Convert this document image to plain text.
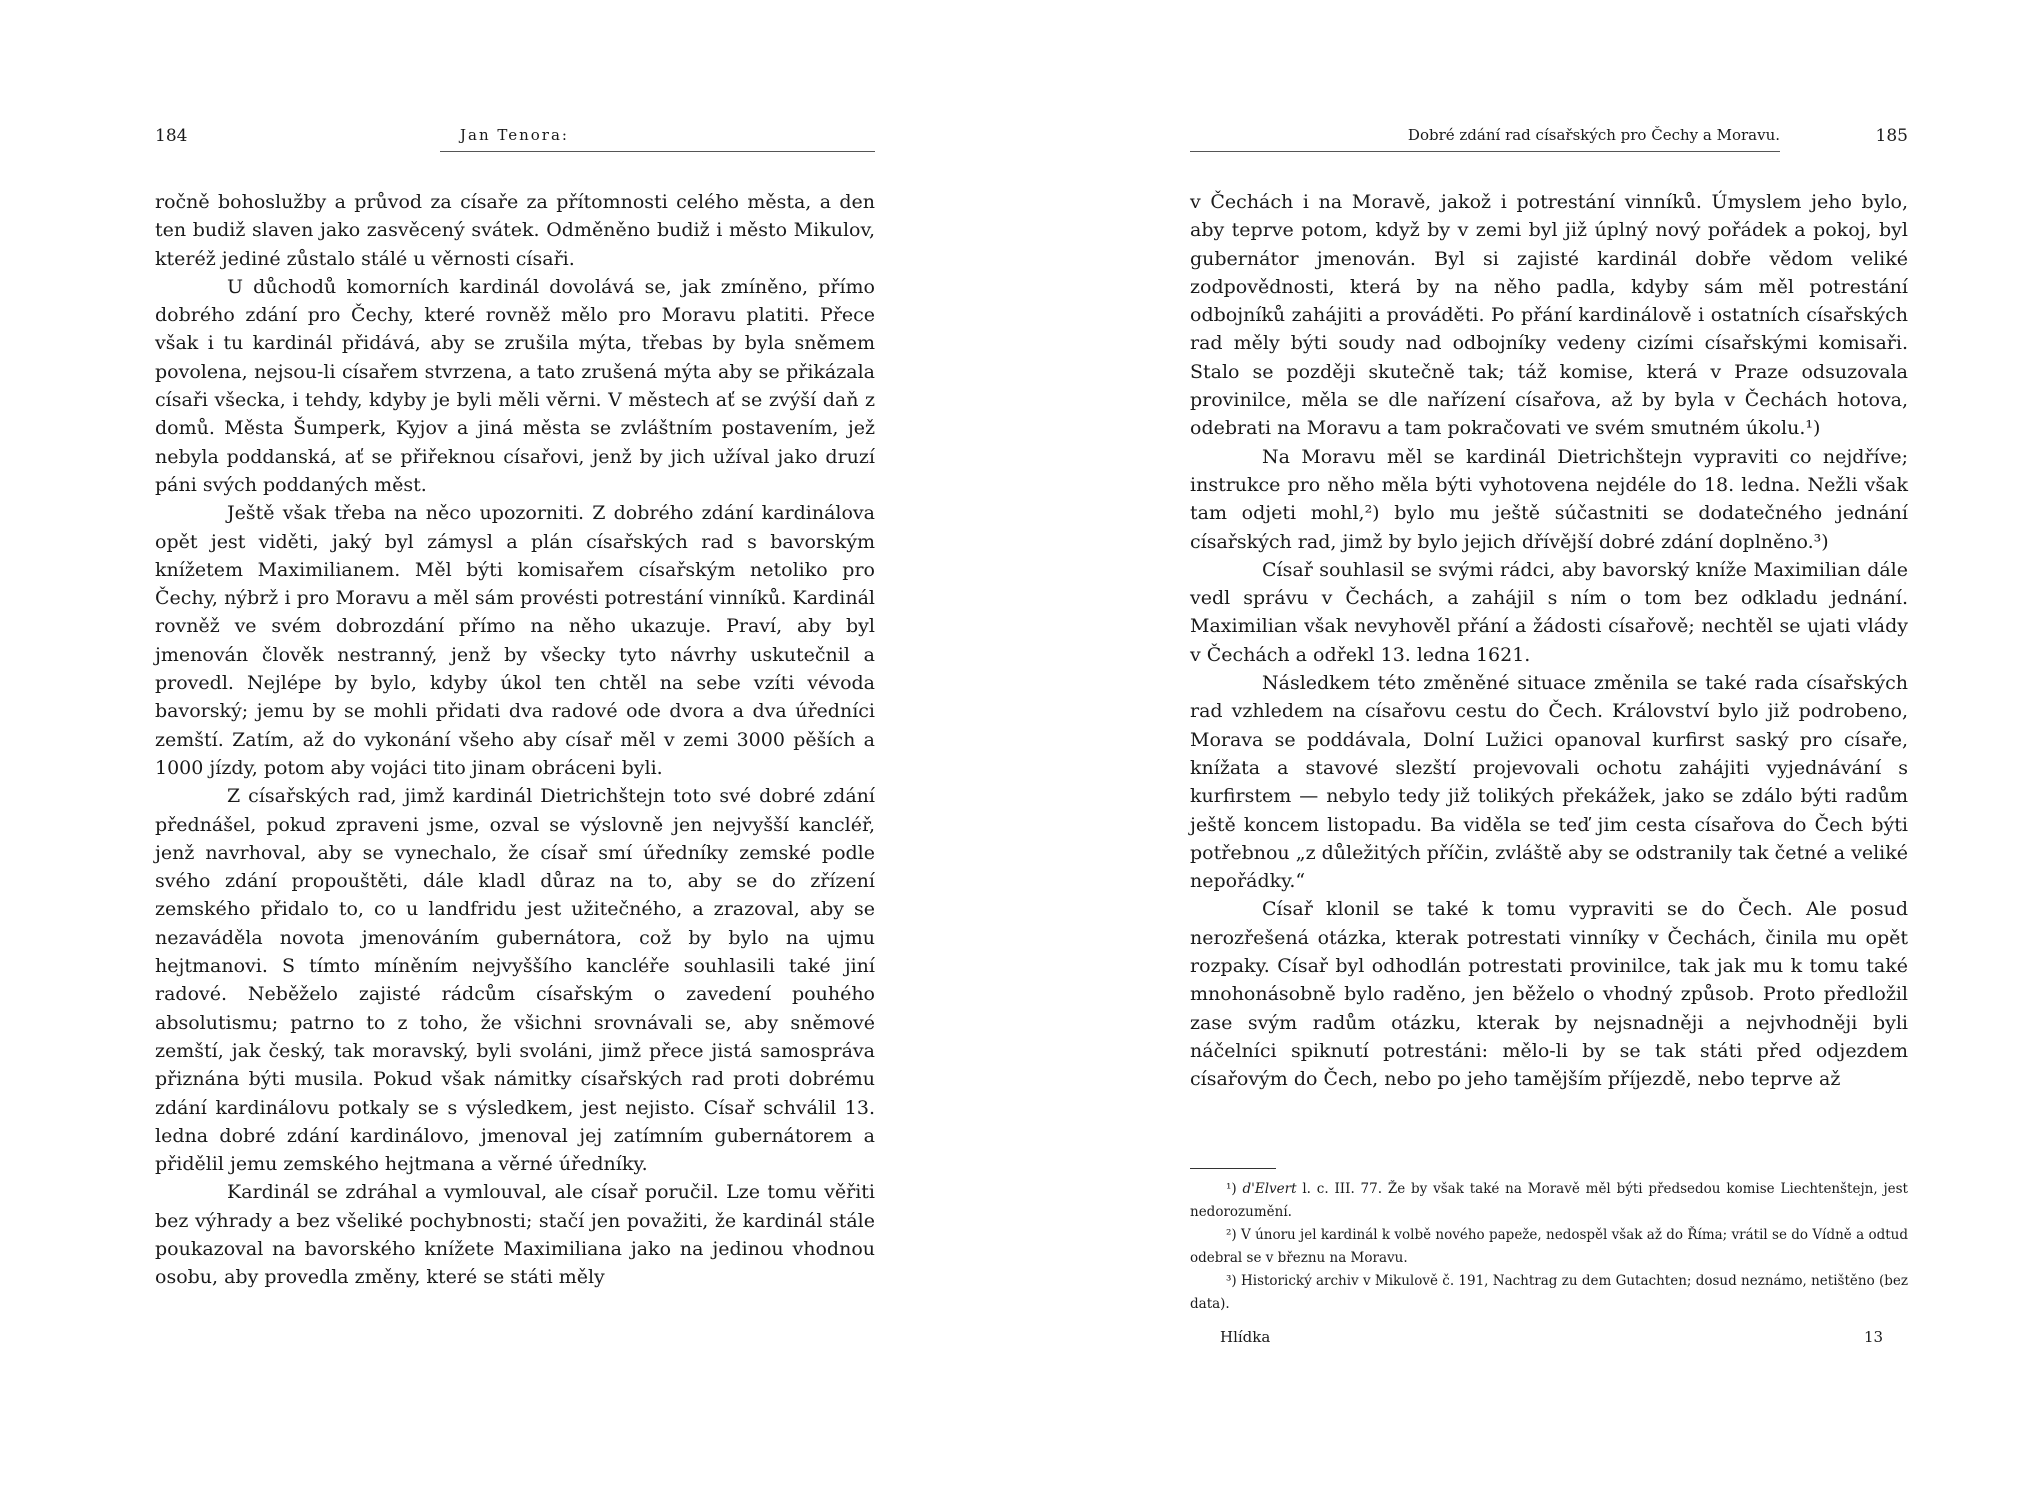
184	Jan Tenora:

ročně bohoslužby a průvod za císaře za přítomnosti celého města, a den ten budiž slaven jako zasvěcený svátek. Odměněno budiž i město Mikulov, kteréž jediné zůstalo stálé u věrnosti císaři.

U důchodů komorních kardinál dovolává se, jak zmíněno, přímo dobrého zdání pro Čechy, které rovněž mělo pro Moravu platiti. Přece však i tu kardinál přidává, aby se zrušila mýta, třebas by byla sněmem povolena, nejsou-li císařem stvrzena, a tato zrušená mýta aby se přikázala císaři všecka, i tehdy, kdyby je byli měli věrni. V městech ať se zvýší daň z domů. Města Šumperk, Kyjov a jiná města se zvláštním postavením, jež nebyla poddanská, ať se přiřeknou císařovi, jenž by jich užíval jako druzí páni svých poddaných měst.

Ještě však třeba na něco upozorniti. Z dobrého zdání kardinálova opět jest viděti, jaký byl zámysl a plán císařských rad s bavorským knížetem Maximilianem. Měl býti komisařem císařským netoliko pro Čechy, nýbrž i pro Moravu a měl sám provésti potrestání vinníků. Kardinál rovněž ve svém dobrozdání přímo na něho ukazuje. Praví, aby byl jmenován člověk nestranný, jenž by všecky tyto návrhy uskutečnil a provedl. Nejlépe by bylo, kdyby úkol ten chtěl na sebe vzíti vévoda bavorský; jemu by se mohli přidati dva radové ode dvora a dva úředníci zemští. Zatím, až do vykonání všeho aby císař měl v zemi 3000 pěších a 1000 jízdy, potom aby vojáci tito jinam obráceni byli.

Z císařských rad, jimž kardinál Dietrichštejn toto své dobré zdání přednášel, pokud zpraveni jsme, ozval se výslovně jen nejvyšší kancléř, jenž navrhoval, aby se vynechalo, že císař smí úředníky zemské podle svého zdání propouštěti, dále kladl důraz na to, aby se do zřízení zemského přidalo to, co u landfridu jest užitečného, a zrazoval, aby se nezaváděla novota jmenováním gubernátora, což by bylo na ujmu hejtmanovi. S tímto míněním nejvyššího kancléře souhlasili také jiní radové. Neběželo zajisté rádcům císařským o zavedení pouhého absolutismu; patrno to z toho, že všichni srovnávali se, aby sněmové zemští, jak český, tak moravský, byli svoláni, jimž přece jistá samospráva přiznána býti musila. Pokud však námitky císařských rad proti dobrému zdání kardinálovu potkaly se s výsledkem, jest nejisto. Císař schválil 13. ledna dobré zdání kardinálovo, jmenoval jej zatímním gubernátorem a přidělil jemu zemského hejtmana a věrné úředníky.

Kardinál se zdráhal a vymlouval, ale císař poručil. Lze tomu věřiti bez výhrady a bez všeliké pochybnosti; stačí jen považiti, že kardinál stále poukazoval na bavorského knížete Maximiliana jako na jedinou vhodnou osobu, aby provedla změny, které se státi měly

Dobré zdání rad císařských pro Čechy a Moravu.	185

v Čechách i na Moravě, jakož i potrestání vinníků. Úmyslem jeho bylo, aby teprve potom, když by v zemi byl již úplný nový pořádek a pokoj, byl gubernátor jmenován. Byl si zajisté kardinál dobře vědom veliké zodpovědnosti, která by na něho padla, kdyby sám měl potrestání odbojníků zahájiti a prováděti. Po přání kardinálově i ostatních císařských rad měly býti soudy nad odbojníky vedeny cizími císařskými komisaři. Stalo se později skutečně tak; táž komise, která v Praze odsuzovala provinilce, měla se dle nařízení císařova, až by byla v Čechách hotova, odebrati na Moravu a tam pokračovati ve svém smutném úkolu.¹)

Na Moravu měl se kardinál Dietrichštejn vypraviti co nejdříve; instrukce pro něho měla býti vyhotovena nejdéle do 18. ledna. Nežli však tam odjeti mohl,²) bylo mu ještě súčastniti se dodatečného jednání císařských rad, jimž by bylo jejich dřívější dobré zdání doplněno.³)

Císař souhlasil se svými rádci, aby bavorský kníže Maximilian dále vedl správu v Čechách, a zahájil s ním o tom bez odkladu jednání. Maximilian však nevyhověl přání a žádosti císařově; nechtěl se ujati vlády v Čechách a odřekl 13. ledna 1621.

Následkem této změněné situace změnila se také rada císařských rad vzhledem na císařovu cestu do Čech. Království bylo již podrobeno, Morava se poddávala, Dolní Lužici opanoval kurfirst saský pro císaře, knížata a stavové slezští projevovali ochotu zahájiti vyjednávání s kurfirstem — nebylo tedy již tolikých překážek, jako se zdálo býti radům ještě koncem listopadu. Ba viděla se teď jim cesta císařova do Čech býti potřebnou „z důležitých příčin, zvláště aby se odstranily tak četné a veliké nepořádky.“

Císař klonil se také k tomu vypraviti se do Čech. Ale posud nerozřešená otázka, kterak potrestati vinníky v Čechách, činila mu opět rozpaky. Císař byl odhodlán potrestati provinilce, tak jak mu k tomu také mnohonásobně bylo raděno, jen běželo o vhodný způsob. Proto předložil zase svým radům otázku, kterak by nejsnadněji a nejvhodněji byli náčelníci spiknutí potrestáni: mělo-li by se tak státi před odjezdem císařovým do Čech, nebo po jeho tamějším příjezdě, nebo teprve až

¹) d'Elvert l. c. III. 77. Že by však také na Moravě měl býti předsedou komise Liechtenštejn, jest nedorozumění.

²) V únoru jel kardinál k volbě nového papeže, nedospěl však až do Říma; vrátil se do Vídně a odtud odebral se v březnu na Moravu.

³) Historický archiv v Mikulově č. 191, Nachtrag zu dem Gutachten; dosud neznámo, netištěno (bez data).

Hlídka	13
